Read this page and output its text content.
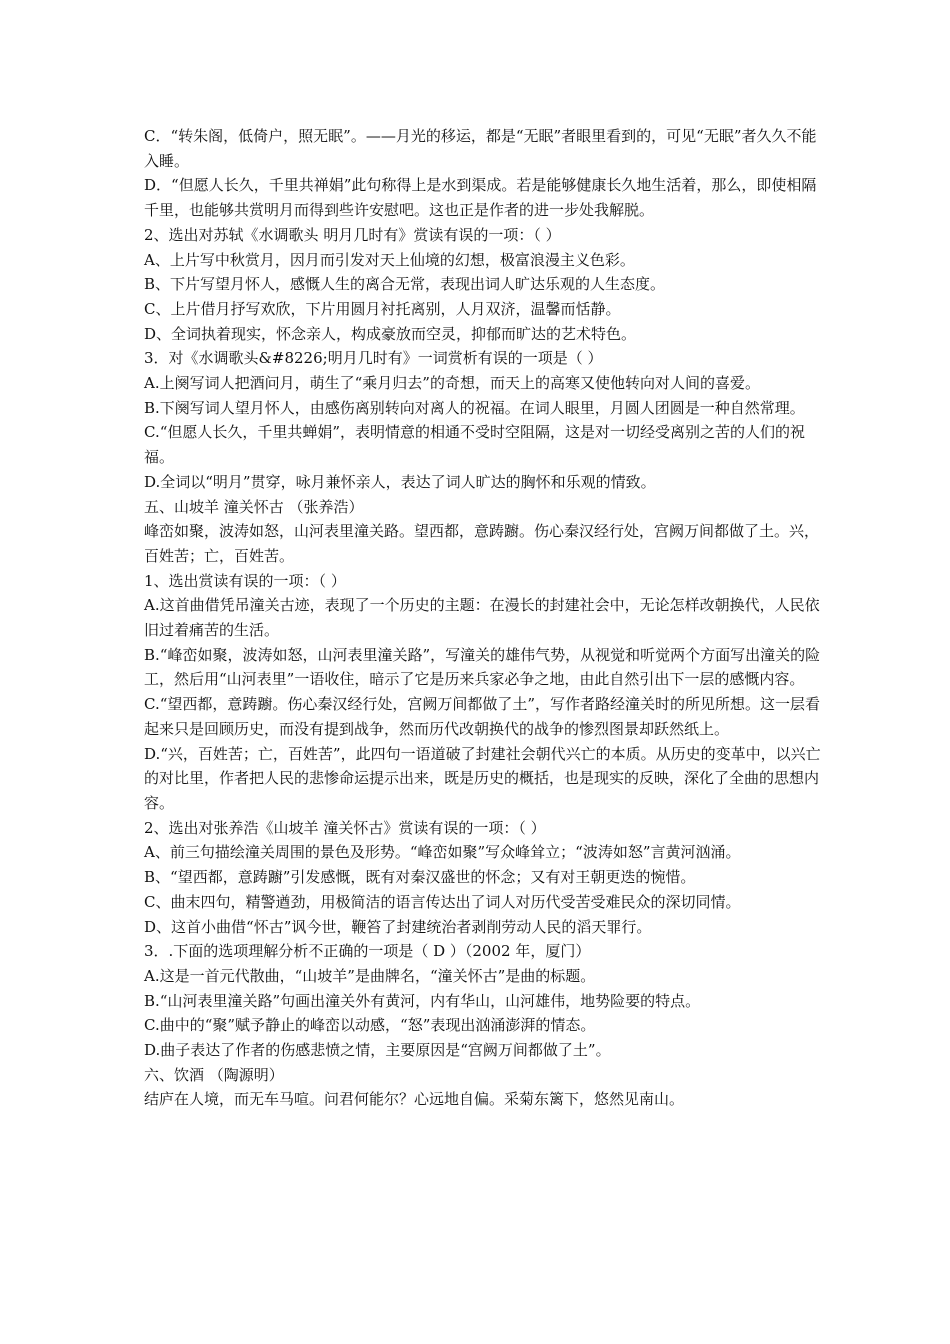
C．“转朱阁，低倚户，照无眠”。——月光的移运，都是“无眠”者眼里看到的，可见“无眠”者久久不能入睡。

D．“但愿人长久，千里共禅娟”此句称得上是水到渠成。若是能够健康长久地生活着，那么，即使相隔千里，也能够共赏明月而得到些许安慰吧。这也正是作者的进一步处我解脱。

2、选出对苏轼《水调歌头 明月几时有》赏读有误的一项：（ ）

A、上片写中秋赏月，因月而引发对天上仙境的幻想，极富浪漫主义色彩。

B、下片写望月怀人，感慨人生的离合无常，表现出词人旷达乐观的人生态度。

C、上片借月抒写欢欣，下片用圆月衬托离别，人月双济，温馨而恬静。

D、全词执着现实，怀念亲人，构成豪放而空灵，抑郁而旷达的艺术特色。

3．对《水调歌头&#8226;明月几时有》一词赏析有误的一项是（ ）

A.上阕写词人把酒问月，萌生了“乘月归去”的奇想，而天上的高寒又使他转向对人间的喜爱。

B.下阕写词人望月怀人，由感伤离别转向对离人的祝福。在词人眼里，月圆人团圆是一种自然常理。

C.“但愿人长久，千里共蝉娟”，表明情意的相通不受时空阻隔，这是对一切经受离别之苦的人们的祝福。

D.全词以“明月”贯穿，咏月兼怀亲人，表达了词人旷达的胸怀和乐观的情致。

五、山坡羊 潼关怀古 （张养浩）

峰峦如聚，波涛如怒，山河表里潼关路。望西都，意踌躕。伤心秦汉经行处，宫阙万间都做了土。兴，百姓苦；亡，百姓苦。

1、选出赏读有误的一项：（ ）

A.这首曲借凭吊潼关古迹，表现了一个历史的主题：在漫长的封建社会中，无论怎样改朝换代，人民依旧过着痛苦的生活。

B.“峰峦如聚，波涛如怒，山河表里潼关路”，写潼关的雄伟气势，从视觉和听觉两个方面写出潼关的险工，然后用“山河表里”一语收住，暗示了它是历来兵家必争之地，由此自然引出下一层的感慨内容。

C.“望西都，意踌躕。伤心秦汉经行处，宫阙万间都做了土”，写作者路经潼关时的所见所想。这一层看起来只是回顾历史，而没有提到战争，然而历代改朝换代的战争的惨烈图景却跃然纸上。

D.“兴，百姓苦；亡，百姓苦”，此四句一语道破了封建社会朝代兴亡的本质。从历史的变革中，以兴亡的对比里，作者把人民的悲惨命运提示出来，既是历史的概括，也是现实的反映，深化了全曲的思想内容。

2、选出对张养浩《山坡羊 潼关怀古》赏读有误的一项：（ ）

A、前三句描绘潼关周围的景色及形势。“峰峦如聚”写众峰耸立；“波涛如怒”言黄河汹涌。

B、“望西都，意踌躕”引发感慨，既有对秦汉盛世的怀念；又有对王朝更迭的惋惜。

C、曲末四句，精警遒劲，用极简洁的语言传达出了词人对历代受苦受难民众的深切同情。

D、这首小曲借“怀古”讽今世，鞭笞了封建统治者剥削劳动人民的滔天罪行。

3．.下面的选项理解分析不正确的一项是（ D ）（2002 年，厦门）

A.这是一首元代散曲，“山坡羊”是曲牌名，“潼关怀古”是曲的标题。

B.“山河表里潼关路”句画出潼关外有黄河，内有华山，山河雄伟，地势险要的特点。

C.曲中的“聚”赋予静止的峰峦以动感，“怒”表现出汹涌澎湃的情态。

D.曲子表达了作者的伤感悲愤之情，主要原因是“宫阙万间都做了土”。

六、饮酒 （陶源明）

结庐在人境，而无车马喧。问君何能尔？心远地自偏。采菊东篱下，悠然见南山。
